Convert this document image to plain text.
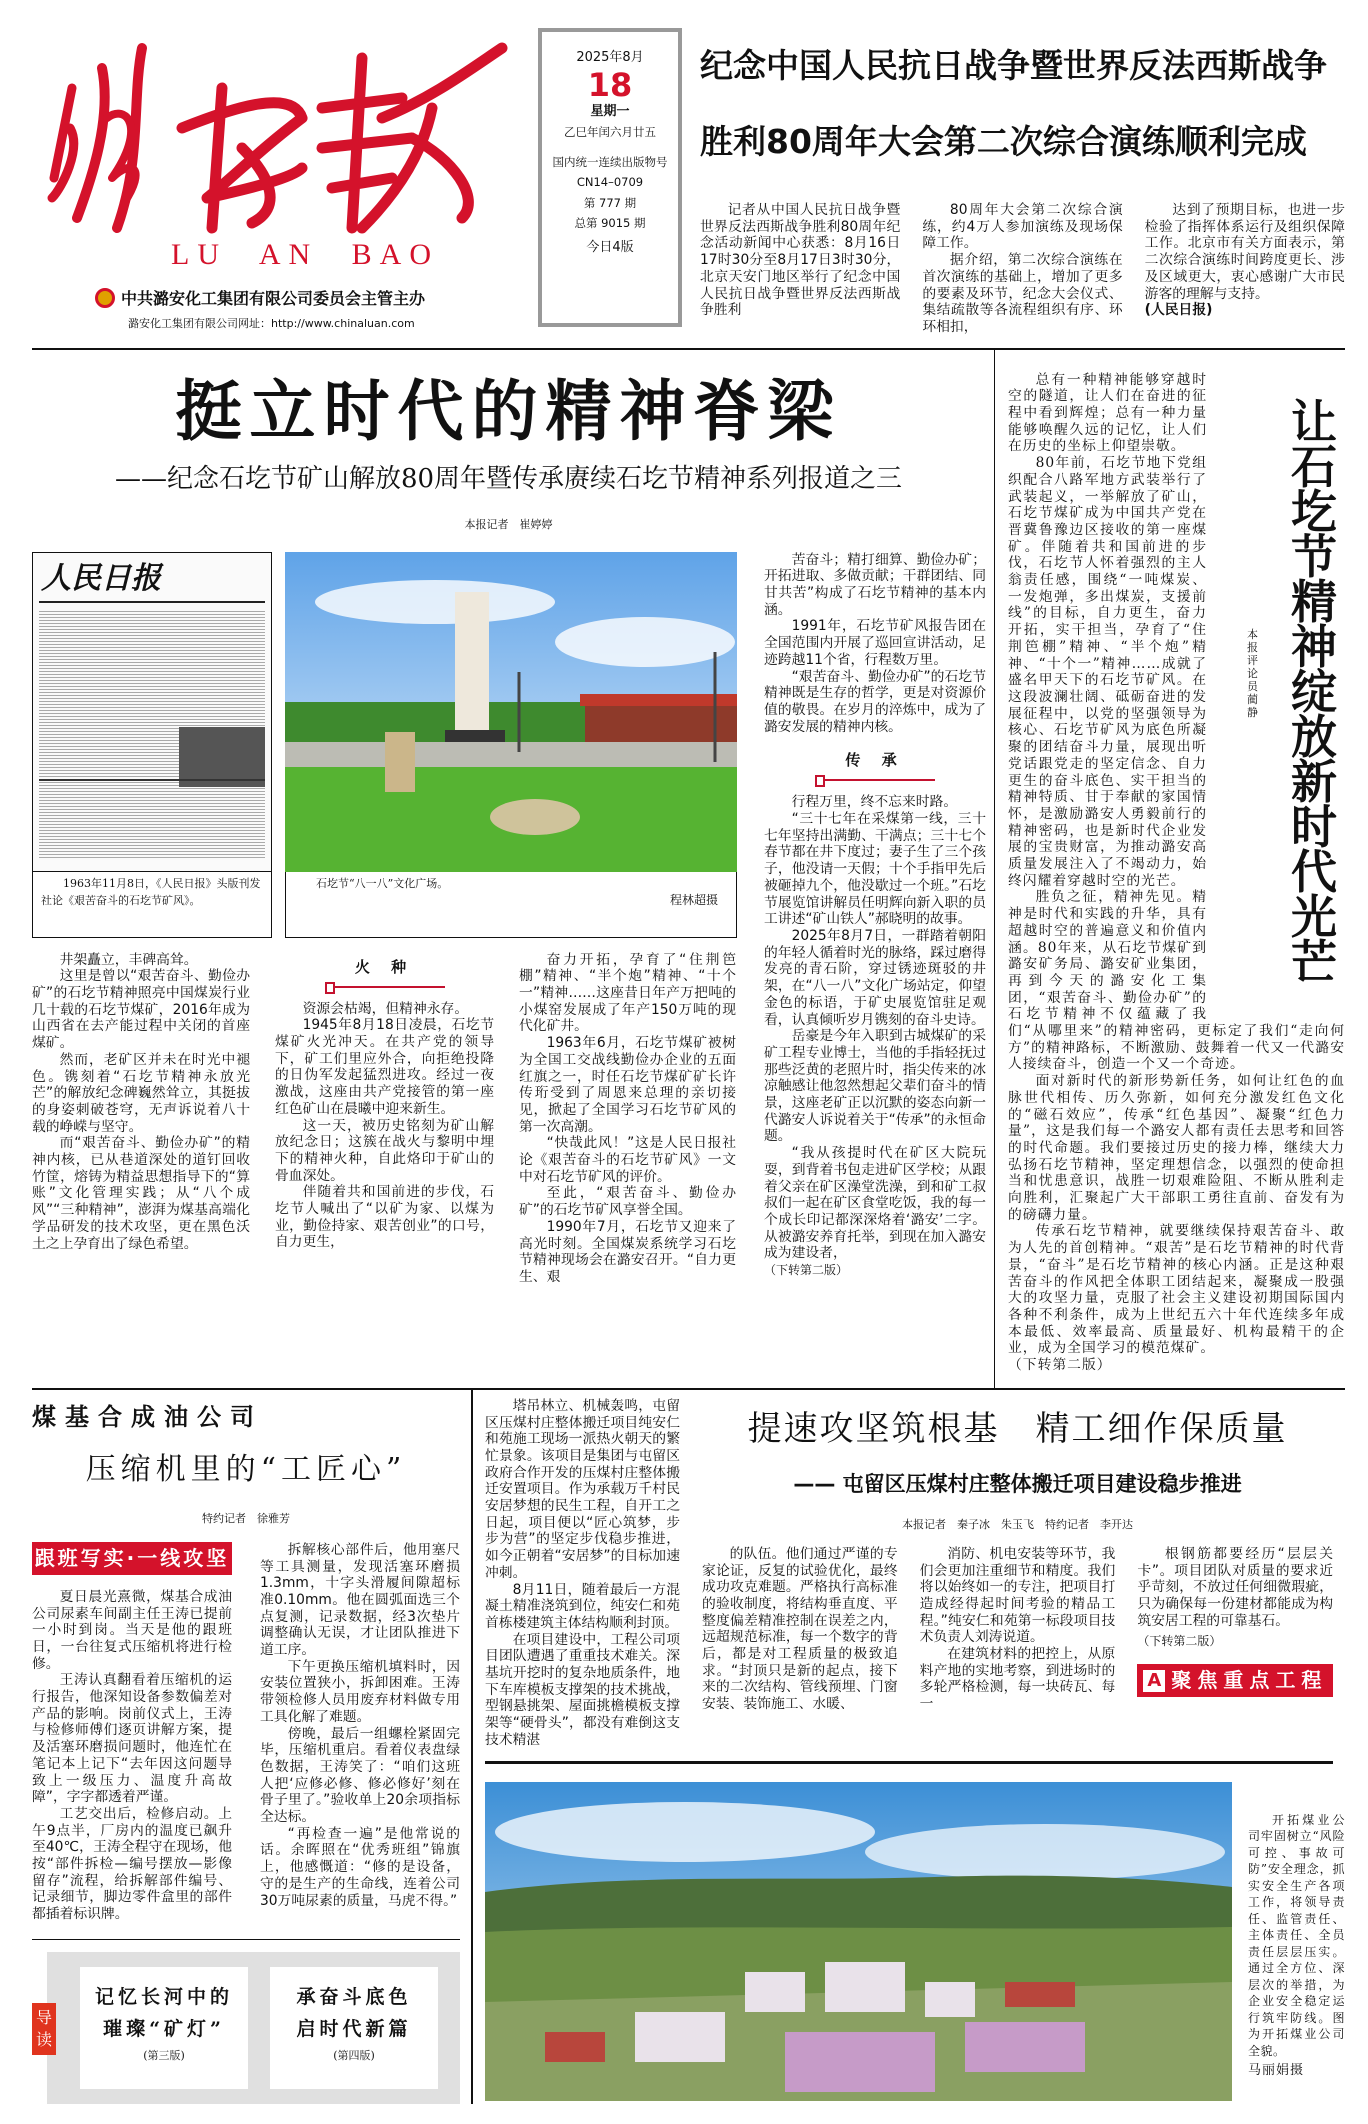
LU AN BAO
中共潞安化工集团有限公司委员会主管主办
潞安化工集团有限公司网址：http://www.chinaluan.com
2025年8月
18
星期一
乙巳年闰六月廿五
国内统一连续出版物号
CN14–0709
第 777 期
总第 9015 期
今日4版
纪念中国人民抗日战争暨世界反法西斯战争
胜利80周年大会第二次综合演练顺利完成

记者从中国人民抗日战争暨世界反法西斯战争胜利80周年纪念活动新闻中心获悉：8月16日17时30分至8月17日3时30分，北京天安门地区举行了纪念中国人民抗日战争暨世界反法西斯战争胜利

80周年大会第二次综合演练，约4万人参加演练及现场保障工作。

据介绍，第二次综合演练在首次演练的基础上，增加了更多的要素及环节，纪念大会仪式、集结疏散等各流程组织有序、环环相扣，

达到了预期目标，也进一步检验了指挥体系运行及组织保障工作。北京市有关方面表示，第二次综合演练时间跨度更长、涉及区域更大，衷心感谢广大市民游客的理解与支持。

(人民日报)

挺立时代的精神脊梁
——纪念石圪节矿山解放80周年暨传承赓续石圪节精神系列报道之三
本报记者　崔婷婷
人民日报
1963年11月8日，《人民日报》头版刊发社论《艰苦奋斗的石圪节矿风》。
石圪节“八一八”文化广场。
程林超摄

井架矗立，丰碑高耸。

这里是曾以“艰苦奋斗、勤俭办矿”的石圪节精神照亮中国煤炭行业几十载的石圪节煤矿，2016年成为山西省在去产能过程中关闭的首座煤矿。

然而，老矿区并未在时光中褪色。镌刻着“石圪节精神永放光芒”的解放纪念碑巍然耸立，其挺拔的身姿刺破苍穹，无声诉说着八十载的峥嵘与坚守。

而“艰苦奋斗、勤俭办矿”的精神内核，已从巷道深处的道钉回收竹筐，熔铸为精益思想指导下的“算账”文化管理实践；从“八个成风”“三种精神”，澎湃为煤基高端化学品研发的技术攻坚，更在黑色沃土之上孕育出了绿色希望。

火 种

资源会枯竭，但精神永存。

1945年8月18日凌晨，石圪节煤矿火光冲天。在共产党的领导下，矿工们里应外合，向拒绝投降的日伪军发起猛烈进攻。经过一夜激战，这座由共产党接管的第一座红色矿山在晨曦中迎来新生。

这一天，被历史铭刻为矿山解放纪念日；这簇在战火与黎明中埋下的精神火种，自此烙印于矿山的骨血深处。

伴随着共和国前进的步伐，石圪节人喊出了“以矿为家、以煤为业，勤俭持家、艰苦创业”的口号，自力更生，

奋力开拓，孕育了“住荆笆棚”精神、“半个炮”精神、“十个一”精神……这座昔日年产万把吨的小煤窑发展成了年产150万吨的现代化矿井。

1963年6月，石圪节煤矿被树为全国工交战线勤俭办企业的五面红旗之一，时任石圪节煤矿矿长许传珩受到了周恩来总理的亲切接见，掀起了全国学习石圪节矿风的第一次高潮。

“快哉此风！”这是人民日报社论《艰苦奋斗的石圪节矿风》一文中对石圪节矿风的评价。

至此，“艰苦奋斗、勤俭办矿”的石圪节矿风享誉全国。

1990年7月，石圪节又迎来了高光时刻。全国煤炭系统学习石圪节精神现场会在潞安召开。“自力更生、艰

苦奋斗；精打细算、勤俭办矿；开拓进取、多做贡献；干群团结、同甘共苦”构成了石圪节精神的基本内涵。

1991年，石圪节矿风报告团在全国范围内开展了巡回宣讲活动，足迹跨越11个省，行程数万里。

“艰苦奋斗、勤俭办矿”的石圪节精神既是生存的哲学，更是对资源价值的敬畏。在岁月的淬炼中，成为了潞安发展的精神内核。

传 承

行程万里，终不忘来时路。

“三十七年在采煤第一线，三十七年坚持出满勤、干满点；三十七个春节都在井下度过；妻子生了三个孩子，他没请一天假；十个手指甲先后被砸掉九个，他没歇过一个班。”石圪节展览馆讲解员任明辉向新入职的员工讲述“矿山铁人”郝晓明的故事。

2025年8月7日，一群踏着朝阳的年轻人循着时光的脉络，踩过磨得发亮的青石阶，穿过锈迹斑驳的井架，在“八一八”文化广场站定，仰望金色的标语，于矿史展览馆驻足观看，认真倾听岁月镌刻的奋斗史诗。

岳豪是今年入职到古城煤矿的采矿工程专业博士，当他的手指轻抚过那些泛黄的老照片时，指尖传来的冰凉触感让他忽然想起父辈们奋斗的情景，这座老矿正以沉默的姿态向新一代潞安人诉说着关于“传承”的永恒命题。

“我从孩提时代在矿区大院玩耍，到背着书包走进矿区学校；从跟着父亲在矿区澡堂洗澡，到和矿工叔叔们一起在矿区食堂吃饭，我的每一个成长印记都深深烙着‘潞安’二字。从被潞安养育托举，到现在加入潞安成为建设者，

（下转第二版）

本报评论员 蔺 静
让石圪节精神绽放新时代光芒

总有一种精神能够穿越时空的隧道，让人们在奋进的征程中看到辉煌；总有一种力量能够唤醒久远的记忆，让人们在历史的坐标上仰望崇敬。

80年前，石圪节地下党组织配合八路军地方武装举行了武装起义，一举解放了矿山，石圪节煤矿成为中国共产党在晋冀鲁豫边区接收的第一座煤矿。伴随着共和国前进的步伐，石圪节人怀着强烈的主人翁责任感，围绕“一吨煤炭、一发炮弹，多出煤炭，支援前线”的目标，自力更生，奋力开拓，实干担当，孕育了“住荆笆棚”精神、“半个炮”精神、“十个一”精神……成就了盛名甲天下的石圪节矿风。在这段波澜壮阔、砥砺奋进的发展征程中，以党的坚强领导为核心、石圪节矿风为底色所凝聚的团结奋斗力量，展现出听党话跟党走的坚定信念、自力更生的奋斗底色、实干担当的精神特质、甘于奉献的家国情怀，是激励潞安人勇毅前行的精神密码，也是新时代企业发展的宝贵财富，为推动潞安高质量发展注入了不竭动力，始终闪耀着穿越时空的光芒。

胜负之征，精神先见。精神是时代和实践的升华，具有超越时空的普遍意义和价值内涵。80年来，从石圪节煤矿到潞安矿务局、潞安矿业集团，再到今天的潞安化工集团，“艰苦奋斗、勤俭办矿”的石圪节精神不仅蕴藏了我们“从哪里来”的精神密码，更标定了我们“走向何方”的精神路标，不断激励、鼓舞着一代又一代潞安人接续奋斗，创造一个又一个奇迹。

面对新时代的新形势新任务，如何让红色的血脉世代相传、历久弥新，如何充分激发红色文化的“磁石效应”，传承“红色基因”、凝聚“红色力量”，这是我们每一个潞安人都有责任去思考和回答的时代命题。我们要接过历史的接力棒，继续大力弘扬石圪节精神，坚定理想信念，以强烈的使命担当和忧患意识，战胜一切艰难险阻、不断从胜利走向胜利，汇聚起广大干部职工勇往直前、奋发有为的磅礴力量。

传承石圪节精神，就要继续保持艰苦奋斗、敢为人先的首创精神。“艰苦”是石圪节精神的时代背景，“奋斗”是石圪节精神的核心内涵。正是这种艰苦奋斗的作风把全体职工团结起来，凝聚成一股强大的攻坚力量，克服了社会主义建设初期国际国内各种不利条件，成为上世纪五六十年代连续多年成本最低、效率最高、质量最好、机构最精干的企业，成为全国学习的模范煤矿。

（下转第二版）

煤基合成油公司
压缩机里的“工匠心”
特约记者　徐雅芳
跟班写实·一线攻坚

夏日晨光熹微，煤基合成油公司尿素车间副主任王涛已提前一小时到岗。当天是他的跟班日，一台往复式压缩机将进行检修。

王涛认真翻看着压缩机的运行报告，他深知设备参数偏差对产品的影响。岗前仪式上，王涛与检修师傅们逐页讲解方案，提及活塞环磨损问题时，他连忙在笔记本上记下“去年因这问题导致上一级压力、温度升高故障”，字字都透着严谨。

工艺交出后，检修启动。上午9点半，厂房内的温度已飙升至40℃，王涛全程守在现场，他按“部件拆检—编号摆放—影像留存”流程，给拆解部件编号、记录细节，脚边零件盒里的部件都插着标识牌。

拆解核心部件后，他用塞尺等工具测量，发现活塞环磨损1.3mm，十字头滑履间隙超标准0.10mm。他在圆弧面选三个点复测，记录数据，经3次垫片调整确认无误，才让团队推进下道工序。

下午更换压缩机填料时，因安装位置狭小，拆卸困难。王涛带领检修人员用废弃材料做专用工具化解了难题。

傍晚，最后一组螺栓紧固完毕，压缩机重启。看着仪表盘绿色数据，王涛笑了：“咱们这班人把‘应修必修、修必修好’刻在骨子里了。”验收单上20余项指标全达标。

“再检查一遍”是他常说的话。余晖照在“优秀班组”锦旗上，他感慨道：“修的是设备，守的是生产的生命线，连着公司30万吨尿素的质量，马虎不得。”

记忆长河中的
璀璨“矿灯”
(第三版)
承奋斗底色
启时代新篇
(第四版)
导读

塔吊林立、机械轰鸣，屯留区压煤村庄整体搬迁项目纯安仁和苑施工现场一派热火朝天的繁忙景象。该项目是集团与屯留区政府合作开发的压煤村庄整体搬迁安置项目。作为承载万千村民安居梦想的民生工程，自开工之日起，项目便以“匠心筑梦，步步为营”的坚定步伐稳步推进，如今正朝着“安居梦”的目标加速冲刺。

8月11日，随着最后一方混凝土精准浇筑到位，纯安仁和苑首栋楼建筑主体结构顺利封顶。

在项目建设中，工程公司项目团队遭遇了重重技术难关。深基坑开挖时的复杂地质条件，地下车库模板支撑架的技术挑战，型钢悬挑架、屋面挑檐模板支撑架等“硬骨头”，都没有难倒这支技术精湛

提速攻坚筑根基　精工细作保质量
—— 屯留区压煤村庄整体搬迁项目建设稳步推进
本报记者　秦子冰　朱玉飞　特约记者　李开达

的队伍。他们通过严谨的专家论证，反复的试验优化，最终成功攻克难题。严格执行高标准的验收制度，将结构垂直度、平整度偏差精准控制在误差之内，远超规范标准，每一个数字的背后，都是对工程质量的极致追求。“封顶只是新的起点，接下来的二次结构、管线预埋、门窗安装、装饰施工、水暖、

消防、机电安装等环节，我们会更加注重细节和精度。我们将以始终如一的专注，把项目打造成经得起时间考验的精品工程。”纯安仁和苑第一标段项目技术负责人刘涛说道。

在建筑材料的把控上，从原料产地的实地考察，到进场时的多轮严格检测，每一块砖瓦、每一

根钢筋都要经历“层层关卡”。项目团队对质量的要求近乎苛刻，不放过任何细微瑕疵，只为确保每一份建材都能成为构筑安居工程的可靠基石。

（下转第二版）

A 聚焦重点工程

开拓煤业公司牢固树立“风险可控、事故可防”安全理念，抓实安全生产各项工作，将领导责任、监管责任、主体责任、全员责任层层压实。通过全方位、深层次的举措，为企业安全稳定运行筑牢防线。图为开拓煤业公司全貌。

马丽娟摄
